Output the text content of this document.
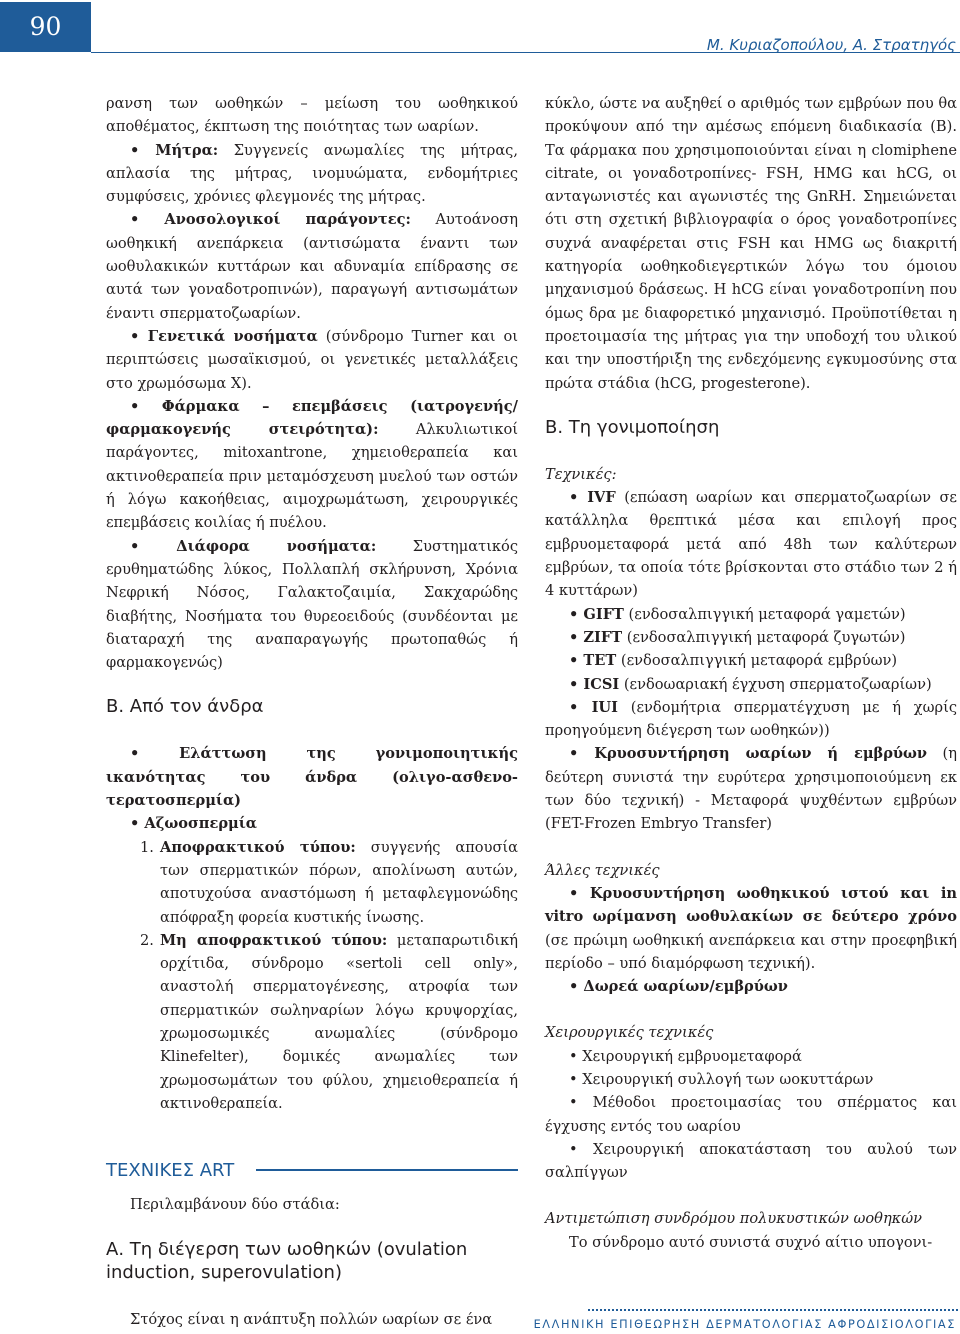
90
Μ. Κυριαζοπούλου, Α. Στρατηγός

ρανση των ωοθηκών – μείωση του ωοθηκικού αποθέματος, έκπτωση της ποιότητας των ωαρίων.

• Μήτρα: Συγγενείς ανωμαλίες της μήτρας, απλασία της μήτρας, ινομυώματα, ενδομήτριες συμφύσεις, χρόνιες φλεγμονές της μήτρας.

• Ανοσολογικοί παράγοντες: Αυτοάνοση ωοθηκική ανεπάρκεια (αντισώματα έναντι των ωοθυλακικών κυττάρων και αδυναμία επίδρασης σε αυτά των γοναδοτροπινών), παραγωγή αντισωμάτων έναντι σπερματοζωαρίων.

• Γενετικά νοσήματα (σύνδρομο Turner και οι περιπτώσεις μωσαϊκισμού, οι γενετικές μεταλλάξεις στο χρωμόσωμα Χ).

• Φάρμακα – επεμβάσεις (ιατρογενής/φαρμακογενής στειρότητα): Αλκυλιωτικοί παράγοντες, mitoxantrone, χημειοθεραπεία και ακτινοθεραπεία πριν μεταμόσχευση μυελού των οστών ή λόγω κακοήθειας, αιμοχρωμάτωση, χειρουργικές επεμβάσεις κοιλίας ή πυέλου.

• Διάφορα νοσήματα: Συστηματικός ερυθηματώδης λύκος, Πολλαπλή σκλήρυνση, Χρόνια Νεφρική Νόσος, Γαλακτοζαιμία, Σακχαρώδης διαβήτης, Νοσήματα του θυρεοειδούς (συνδέονται με διαταραχή της αναπαραγωγής πρωτοπαθώς ή φαρμακογενώς)

Β. Από τον άνδρα

• Ελάττωση της γονιμοποιητικής ικανότητας του άνδρα (ολιγο-ασθενο-τερατοσπερμία)

• Αζωοσπερμία

1. Αποφρακτικού τύπου: συγγενής απουσία των σπερματικών πόρων, απολίνωση αυτών, αποτυχούσα αναστόμωση ή μεταφλεγμονώδης απόφραξη φορεία κυστικής ίνωσης.
2. Μη αποφρακτικού τύπου: μεταπαρωτιδική ορχίτιδα, σύνδρομο «sertoli cell only», αναστολή σπερματογένεσης, ατροφία των σπερματικών σωληναρίων λόγω κρυψορχίας, χρωμοσωμικές ανωμαλίες (σύνδρομο Klinefelter), δομικές ανωμαλίες των χρωμοσωμάτων του φύλου, χημειοθεραπεία ή ακτινοθεραπεία.

ΤΕΧΝΙΚΕΣ ART

Περιλαμβάνουν δύο στάδια:

Α. Τη διέγερση των ωοθηκών (ovulation induction, superovulation)

Στόχος είναι η ανάπτυξη πολλών ωαρίων σε ένα

κύκλο, ώστε να αυξηθεί ο αριθμός των εμβρύων που θα προκύψουν από την αμέσως επόμενη διαδικασία (Β). Τα φάρμακα που χρησιμοποιούνται είναι η clomiphene citrate, οι γοναδοτροπίνες- FSH, HMG και hCG, οι ανταγωνιστές και αγωνιστές της GnRH. Σημειώνεται ότι στη σχετική βιβλιογραφία ο όρος γοναδοτροπίνες συχνά αναφέρεται στις FSH και HMG ως διακριτή κατηγορία ωοθηκοδιεγερτικών λόγω του όμοιου μηχανισμού δράσεως. Η hCG είναι γοναδοτροπίνη που όμως δρα με διαφορετικό μηχανισμό. Προϋποτίθεται η προετοιμασία της μήτρας για την υποδοχή του υλικού και την υποστήριξη της ενδεχόμενης εγκυμοσύνης στα πρώτα στάδια (hCG, progesterone).

Β. Τη γονιμοποίηση

Τεχνικές:

• IVF (επώαση ωαρίων και σπερματοζωαρίων σε κατάλληλα θρεπτικά μέσα και επιλογή προς εμβρυομεταφορά μετά από 48h των καλύτερων εμβρύων, τα οποία τότε βρίσκονται στο στάδιο των 2 ή 4 κυττάρων)

• GIFT (ενδοσαλπιγγική μεταφορά γαμετών)

• ZIFT (ενδοσαλπιγγική μεταφορά ζυγωτών)

• TET (ενδοσαλπιγγική μεταφορά εμβρύων)

• ICSI (ενδοωαριακή έγχυση σπερματοζωαρίων)

• IUI (ενδομήτρια σπερματέγχυση με ή χωρίς προηγούμενη διέγερση των ωοθηκών))

• Κρυοσυντήρηση ωαρίων ή εμβρύων (η δεύτερη συνιστά την ευρύτερα χρησιμοποιούμενη εκ των δύο τεχνική) - Μεταφορά ψυχθέντων εμβρύων (FET-Frozen Embryo Transfer)

Άλλες τεχνικές

• Κρυοσυντήρηση ωοθηκικού ιστού και in vitro ωρίμανση ωοθυλακίων σε δεύτερο χρόνο (σε πρώιμη ωοθηκική ανεπάρκεια και στην προεφηβική περίοδο – υπό διαμόρφωση τεχνική).

• Δωρεά ωαρίων/εμβρύων

Χειρουργικές τεχνικές

• Χειρουργική εμβρυομεταφορά

• Χειρουργική συλλογή των ωοκυττάρων

• Μέθοδοι προετοιμασίας του σπέρματος και έγχυσης εντός του ωαρίου

• Χειρουργική αποκατάσταση του αυλού των σαλπίγγων

Αντιμετώπιση συνδρόμου πολυκυστικών ωοθηκών

Το σύνδρομο αυτό συνιστά συχνό αίτιο υπογονι-

ΕΛΛΗΝΙΚΗ ΕΠΙΘΕΩΡΗΣΗ ΔΕΡΜΑΤΟΛΟΓΙΑΣ ΑΦΡΟΔΙΣΙΟΛΟΓΙΑΣ
